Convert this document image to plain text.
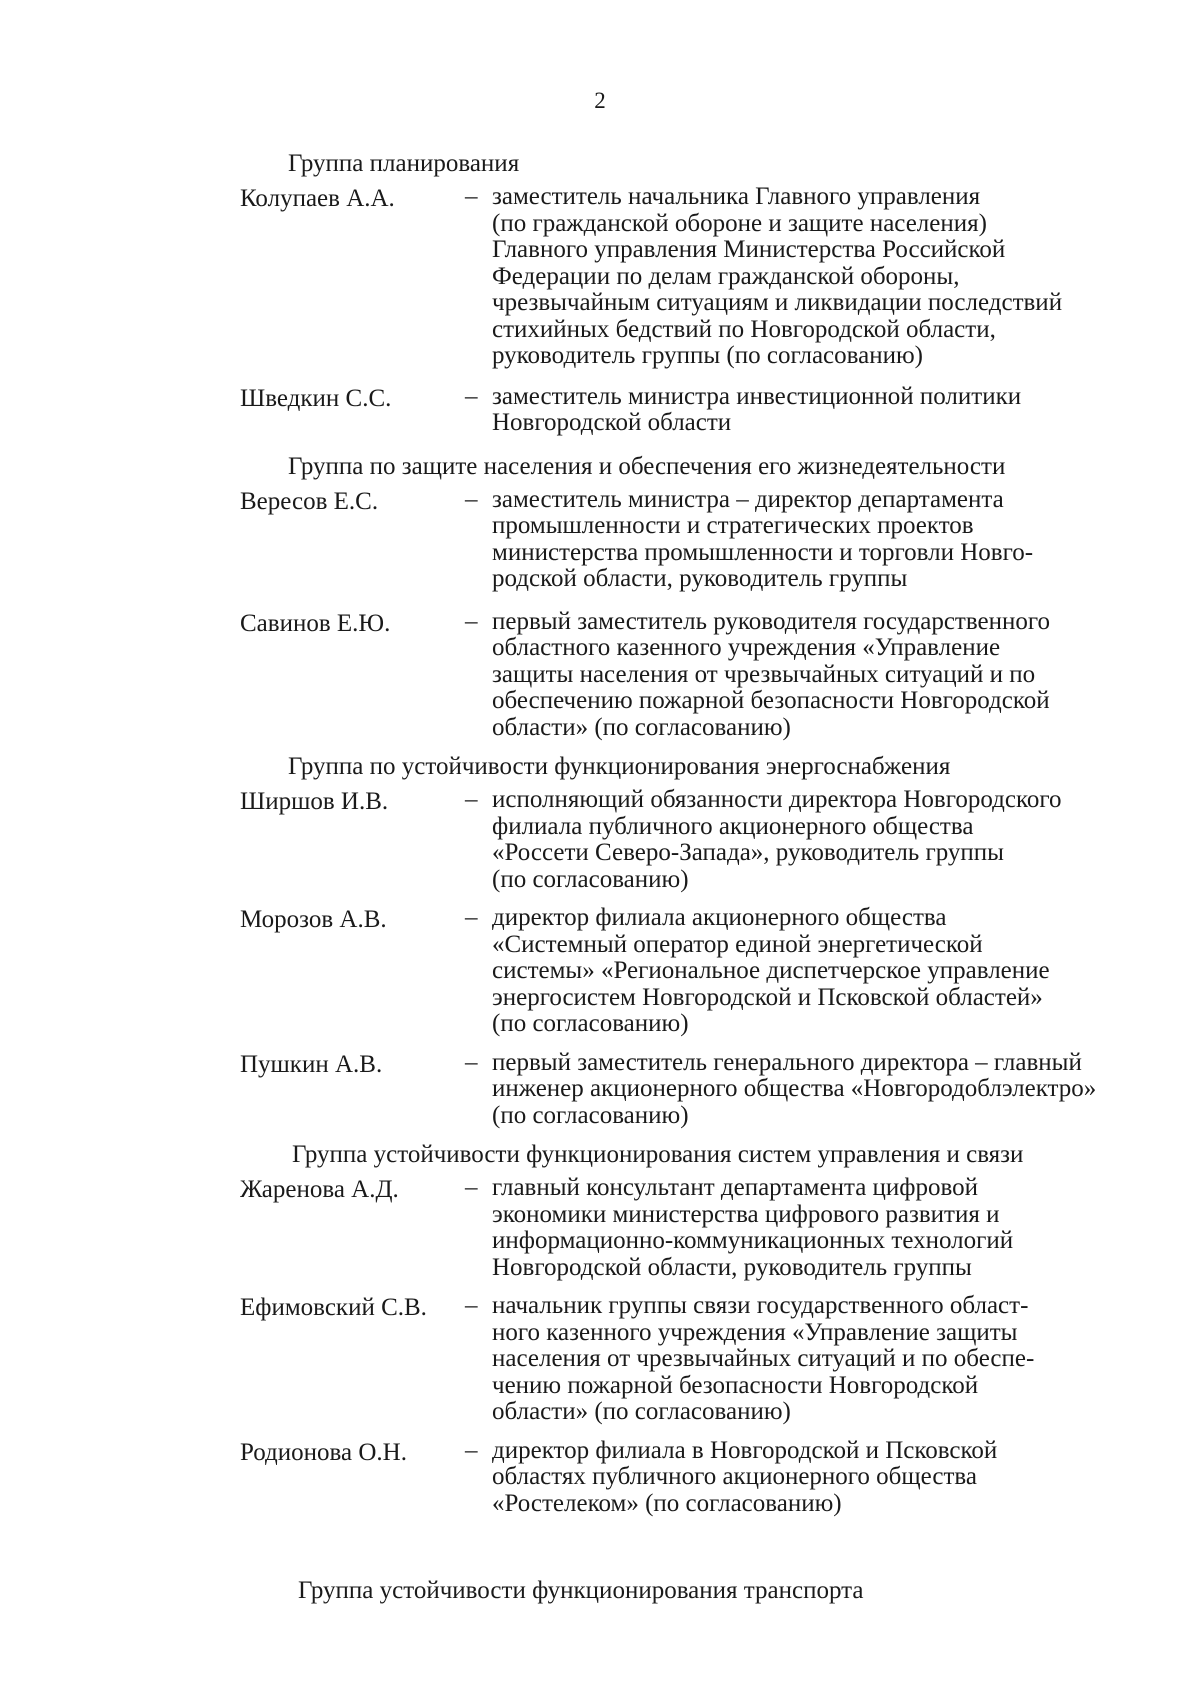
2
Группа планирования
Колупаев А.А.	– заместитель начальника Главного управления
(по гражданской обороне и защите населения)
Главного управления Министерства Российской
Федерации по делам гражданской обороны,
чрезвычайным ситуациям и ликвидации последствий
стихийных бедствий по Новгородской области,
руководитель группы (по согласованию)
Шведкин С.С.	– заместитель министра инвестиционной политики
Новгородской области
Группа по защите населения и обеспечения его жизнедеятельности
Вересов Е.С.	– заместитель министра – директор департамента
промышленности и стратегических проектов
министерства промышленности и торговли Новго-
родской области, руководитель группы
Савинов Е.Ю.	– первый заместитель руководителя государственного
областного казенного учреждения «Управление
защиты населения от чрезвычайных ситуаций и по
обеспечению пожарной безопасности Новгородской
области» (по согласованию)
Группа по устойчивости функционирования энергоснабжения
Ширшов И.В.	– исполняющий обязанности директора Новгородского
филиала публичного акционерного общества
«Россети Северо-Запада», руководитель группы
(по согласованию)
Морозов А.В.	– директор филиала акционерного общества
«Системный оператор единой энергетической
системы» «Региональное диспетчерское управление
энергосистем Новгородской и Псковской областей»
(по согласованию)
Пушкин А.В.	– первый заместитель генерального директора – главный
инженер акционерного общества «Новгородоблэлектро»
(по согласованию)
Группа устойчивости функционирования систем управления и связи
Жаренова А.Д.	– главный консультант департамента цифровой
экономики министерства цифрового развития и
информационно-коммуникационных технологий
Новгородской области, руководитель группы
Ефимовский С.В.	– начальник группы связи государственного област-
ного казенного учреждения «Управление защиты
населения от чрезвычайных ситуаций и по обеспе-
чению пожарной безопасности Новгородской
области» (по согласованию)
Родионова О.Н.	– директор филиала в Новгородской и Псковской
областях публичного акционерного общества
«Ростелеком» (по согласованию)
Группа устойчивости функционирования транспорта
